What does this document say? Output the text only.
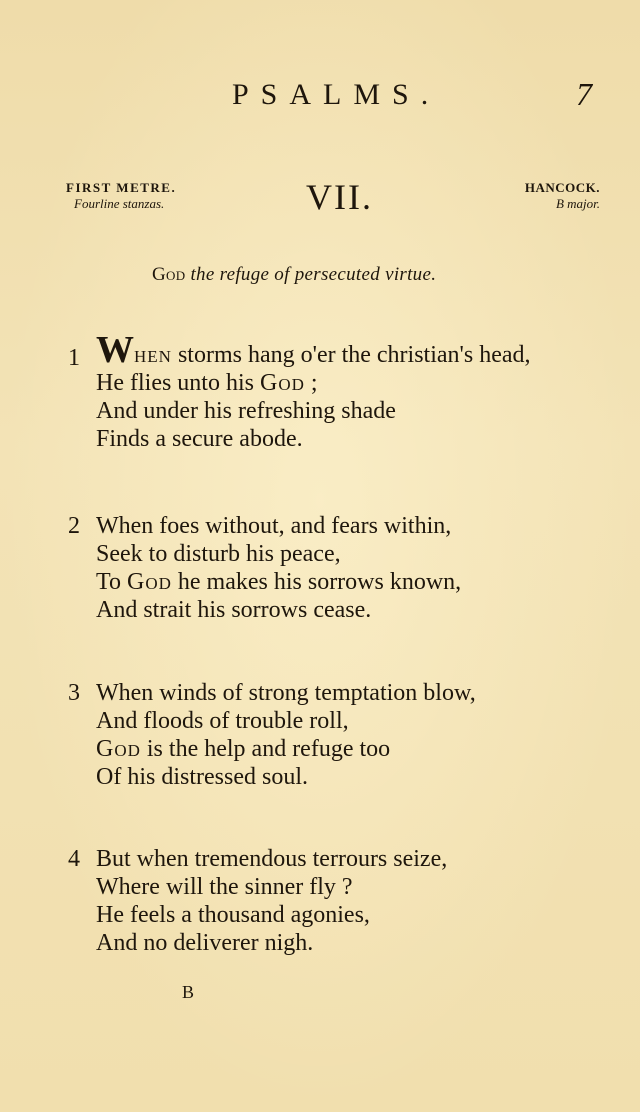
PSALMS.	7
FIRST METRE.
Fourline stanzas.	VII.	HANCOCK.
B major.
God the refuge of persecuted virtue.
1 When storms hang o'er the christian's head,
He flies unto his God ;
And under his refreshing shade
Finds a secure abode.
2 When foes without, and fears within,
Seek to disturb his peace,
To God he makes his sorrows known,
And strait his sorrows cease.
3 When winds of strong temptation blow,
And floods of trouble roll,
God is the help and refuge too
Of his distressed soul.
4 But when tremendous terrours seize,
Where will the sinner fly ?
He feels a thousand agonies,
And no deliverer nigh.
B
